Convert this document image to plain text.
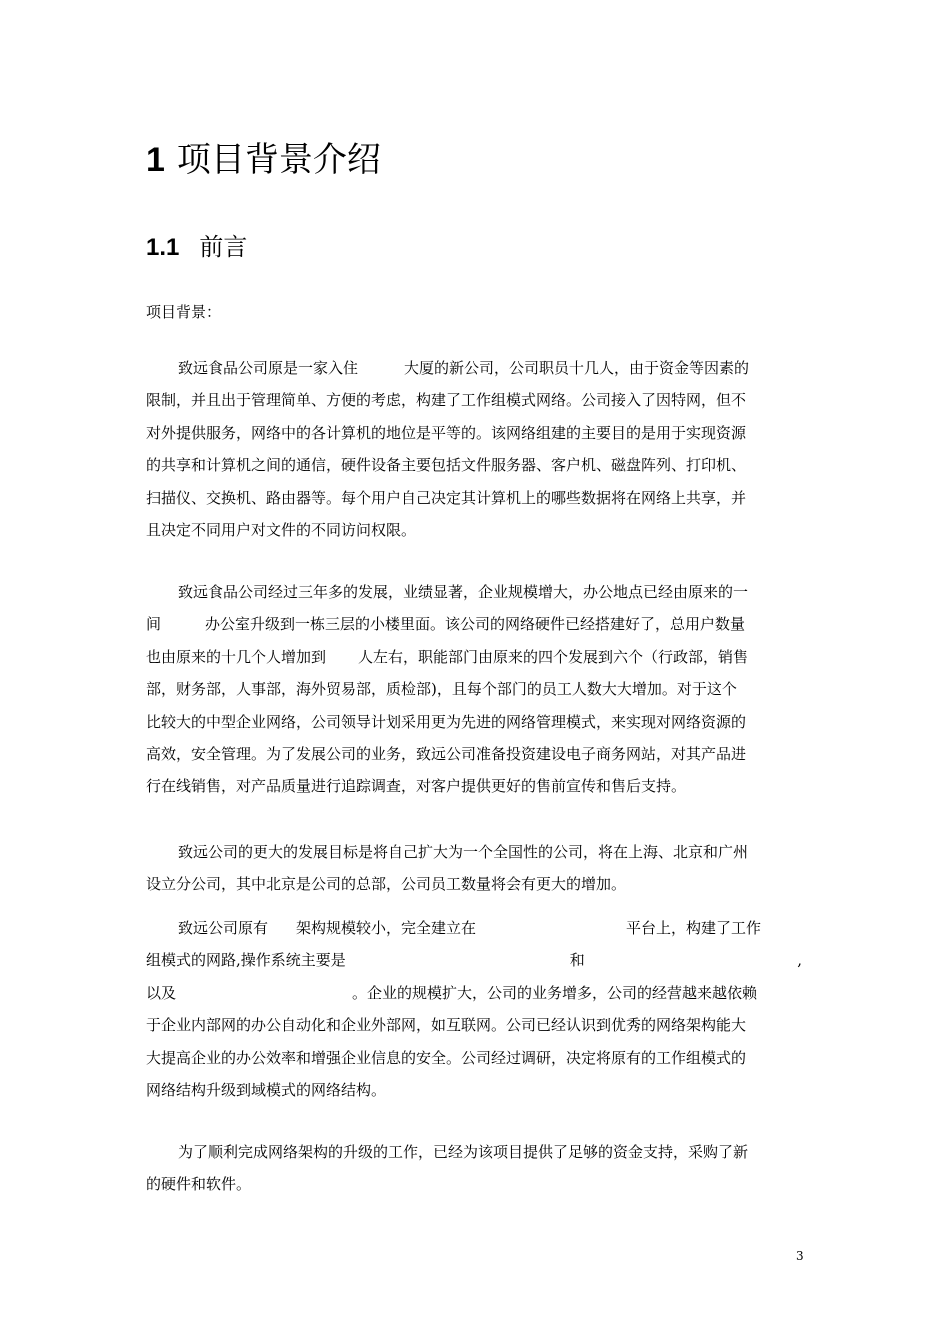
1 项目背景介绍
1.1 前言
项目背景：
致远食品公司原是一家入住	大厦的新公司，公司职员十几人，由于资金等因素的
限制，并且出于管理简单、方便的考虑，构建了工作组模式网络。公司接入了因特网，但不
对外提供服务，网络中的各计算机的地位是平等的。该网络组建的主要目的是用于实现资源
的共享和计算机之间的通信，硬件设备主要包括文件服务器、客户机、磁盘阵列、打印机、
扫描仪、交换机、路由器等。每个用户自己决定其计算机上的哪些数据将在网络上共享，并
且决定不同用户对文件的不同访问权限。
致远食品公司经过三年多的发展，业绩显著，企业规模增大，办公地点已经由原来的一
间	办公室升级到一栋三层的小楼里面。该公司的网络硬件已经搭建好了，总用户数量
也由原来的十几个人增加到 人左右，职能部门由原来的四个发展到六个（行政部，销售
部，财务部，人事部，海外贸易部，质检部)，且每个部门的员工人数大大增加。对于这个
比较大的中型企业网络，公司领导计划采用更为先进的网络管理模式，来实现对网络资源的
高效，安全管理。为了发展公司的业务，致远公司准备投资建设电子商务网站，对其产品进
行在线销售，对产品质量进行追踪调查，对客户提供更好的售前宣传和售后支持。
致远公司的更大的发展目标是将自己扩大为一个全国性的公司，将在上海、北京和广州
设立分公司，其中北京是公司的总部，公司员工数量将会有更大的增加。
致远公司原有 架构规模较小，完全建立在	平台上，构建了工作
组模式的网路,操作系统主要是	和	,
以及	。企业的规模扩大，公司的业务增多，公司的经营越来越依赖
于企业内部网的办公自动化和企业外部网，如互联网。公司已经认识到优秀的网络架构能大
大提高企业的办公效率和增强企业信息的安全。公司经过调研，决定将原有的工作组模式的
网络结构升级到域模式的网络结构。
为了顺利完成网络架构的升级的工作，已经为该项目提供了足够的资金支持，采购了新
的硬件和软件。
3
